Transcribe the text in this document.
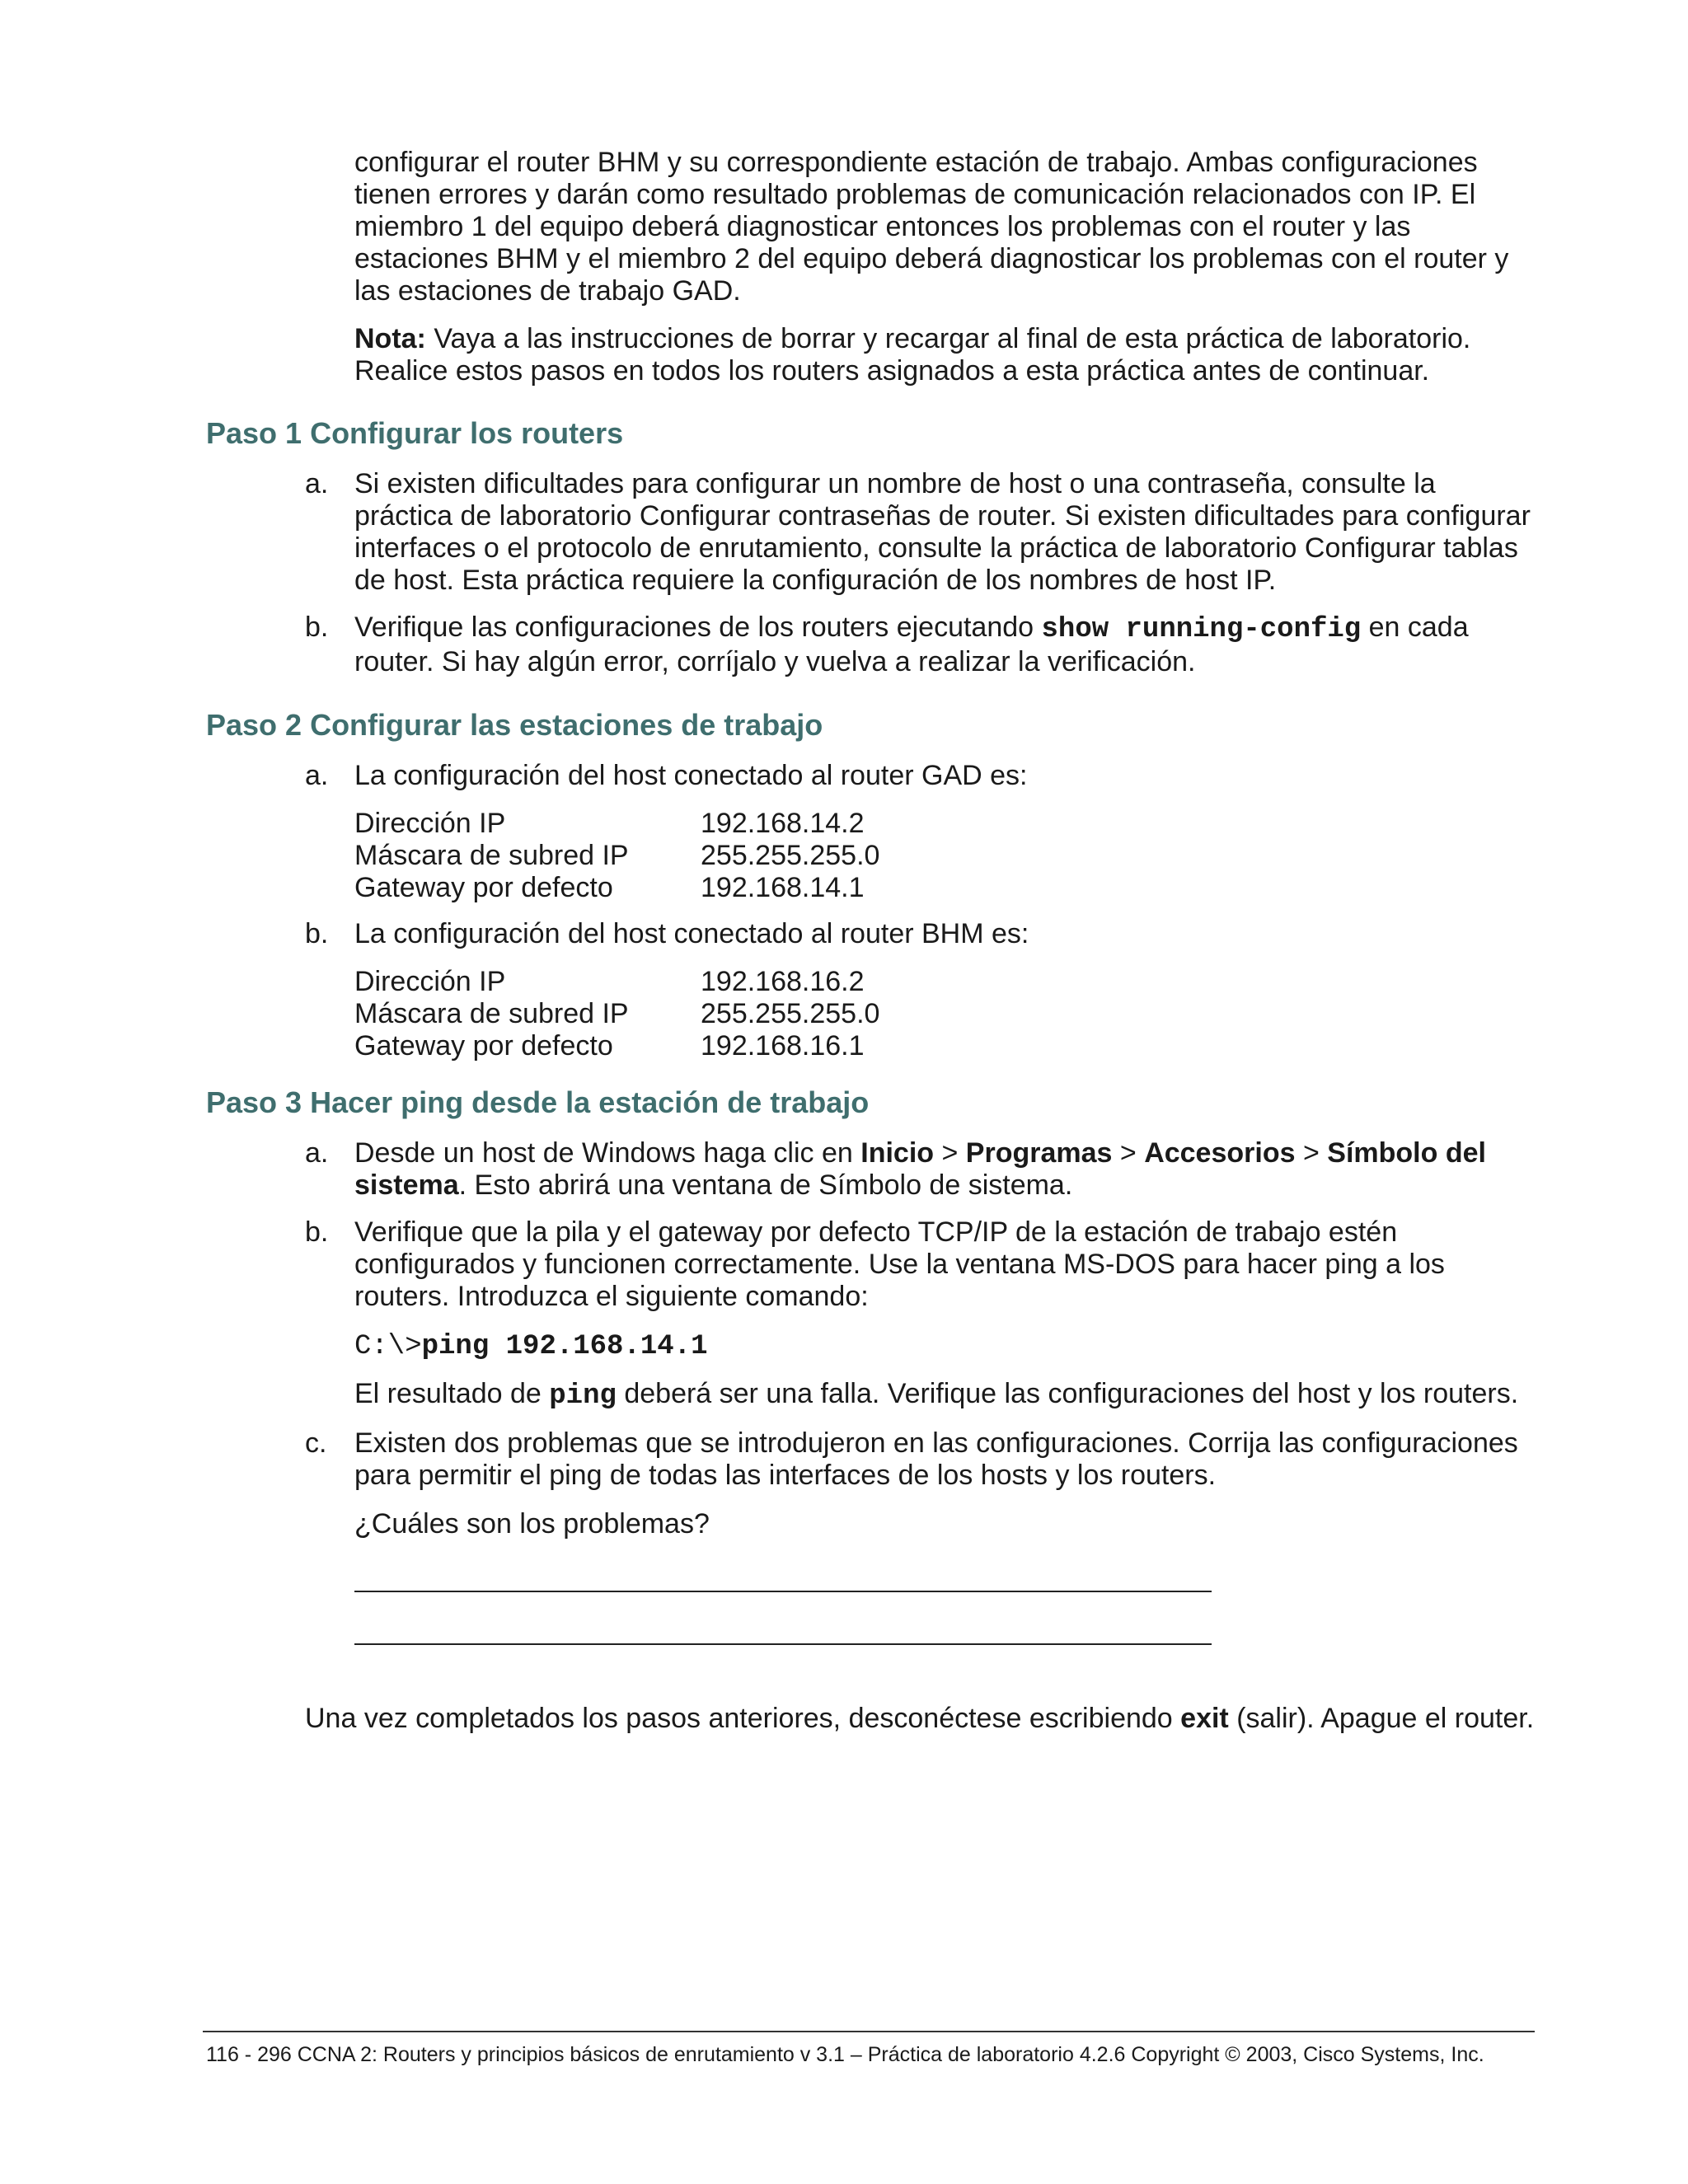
configurar el router BHM y su correspondiente estación de trabajo. Ambas configuraciones tienen errores y darán como resultado problemas de comunicación relacionados con IP. El miembro 1 del equipo deberá diagnosticar entonces los problemas con el router y las estaciones BHM y el miembro 2 del equipo deberá diagnosticar los problemas con el router y las estaciones de trabajo GAD.

Nota: Vaya a las instrucciones de borrar y recargar al final de esta práctica de laboratorio. Realice estos pasos en todos los routers asignados a esta práctica antes de continuar.

Paso 1 Configurar los routers
a. Si existen dificultades para configurar un nombre de host o una contraseña, consulte la práctica de laboratorio Configurar contraseñas de router. Si existen dificultades para configurar interfaces o el protocolo de enrutamiento, consulte la práctica de laboratorio Configurar tablas de host. Esta práctica requiere la configuración de los nombres de host IP.

b. Verifique las configuraciones de los routers ejecutando show running-config en cada router. Si hay algún error, corríjalo y vuelva a realizar la verificación.

Paso 2 Configurar las estaciones de trabajo
a. La configuración del host conectado al router GAD es:

Dirección IP	192.168.14.2
Máscara de subred IP	255.255.255.0
Gateway por defecto	192.168.14.1
b. La configuración del host conectado al router BHM es:

Dirección IP	192.168.16.2
Máscara de subred IP	255.255.255.0
Gateway por defecto	192.168.16.1
Paso 3 Hacer ping desde la estación de trabajo
a. Desde un host de Windows haga clic en Inicio > Programas > Accesorios > Símbolo del sistema. Esto abrirá una ventana de Símbolo de sistema.

b. Verifique que la pila y el gateway por defecto TCP/IP de la estación de trabajo estén configurados y funcionen correctamente. Use la ventana MS-DOS para hacer ping a los routers. Introduzca el siguiente comando:

C:\>ping 192.168.14.1

El resultado de ping deberá ser una falla. Verifique las configuraciones del host y los routers.

c. Existen dos problemas que se introdujeron en las configuraciones. Corrija las configuraciones para permitir el ping de todas las interfaces de los hosts y los routers.

¿Cuáles son los problemas?

Una vez completados los pasos anteriores, desconéctese escribiendo exit (salir). Apague el router.

116 - 296 CCNA 2: Routers y principios básicos de enrutamiento v 3.1 – Práctica de laboratorio 4.2.6 Copyright © 2003, Cisco Systems, Inc.
